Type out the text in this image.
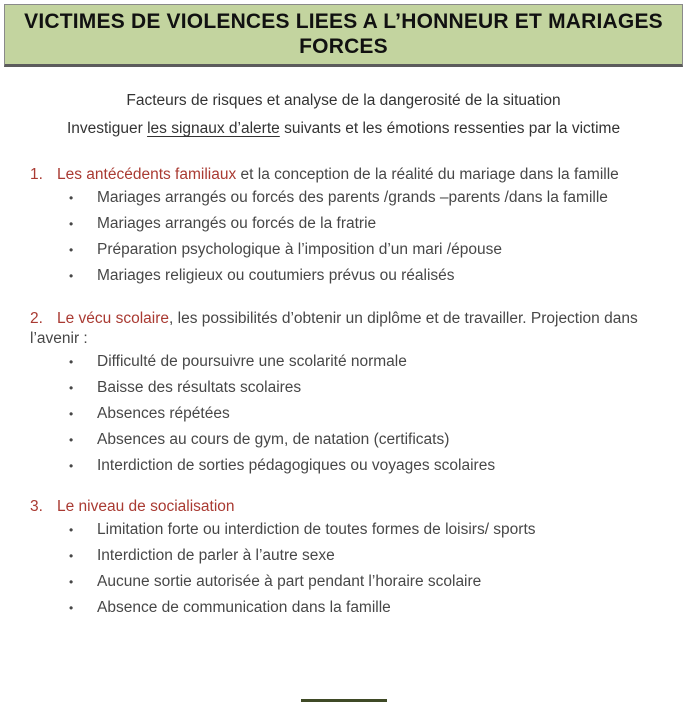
VICTIMES DE VIOLENCES LIEES A L’HONNEUR ET MARIAGES
FORCES
Facteurs de risques et analyse de la dangerosité de la situation
Investiguer les signaux d’alerte suivants et les émotions ressenties par la victime
1. Les antécédents familiaux et la conception de la réalité du mariage dans la famille
• Mariages arrangés ou forcés des parents /grands –parents /dans la famille
• Mariages arrangés ou forcés de la fratrie
• Préparation psychologique à l’imposition d’un mari /épouse
• Mariages religieux ou coutumiers prévus ou réalisés
2. Le vécu scolaire, les possibilités d’obtenir un diplôme et de travailler. Projection dans l’avenir :
• Difficulté de poursuivre une scolarité normale
• Baisse des résultats scolaires
• Absences répétées
• Absences au cours de gym, de natation (certificats)
• Interdiction de sorties pédagogiques ou voyages scolaires
3. Le niveau de socialisation
• Limitation forte ou interdiction de toutes formes de loisirs/ sports
• Interdiction de parler à l’autre sexe
• Aucune sortie autorisée à part pendant l’horaire scolaire
• Absence de communication dans la famille
